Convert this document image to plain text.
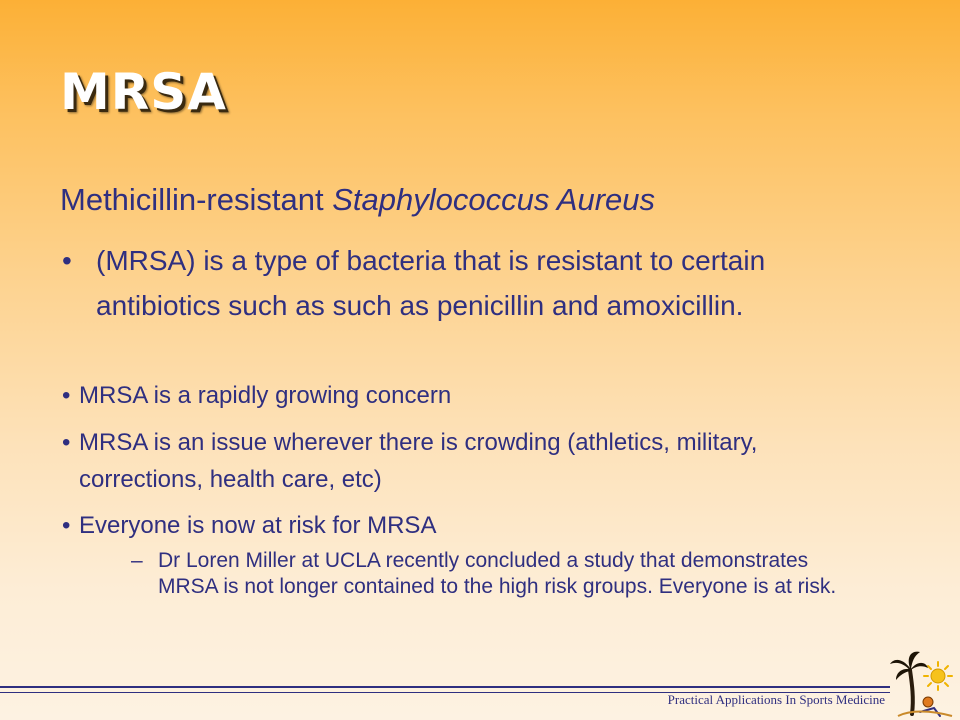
MRSA
Methicillin-resistant Staphylococcus Aureus
• (MRSA) is a type of bacteria that is resistant to certain antibiotics such as such as penicillin and amoxicillin.
• MRSA is a rapidly growing concern
• MRSA is an issue wherever there is crowding (athletics, military, corrections, health care, etc)
• Everyone is now at risk for MRSA
– Dr Loren Miller at UCLA recently concluded a study that demonstrates MRSA is not longer contained to the high risk groups. Everyone is at risk.
Practical Applications In Sports Medicine
